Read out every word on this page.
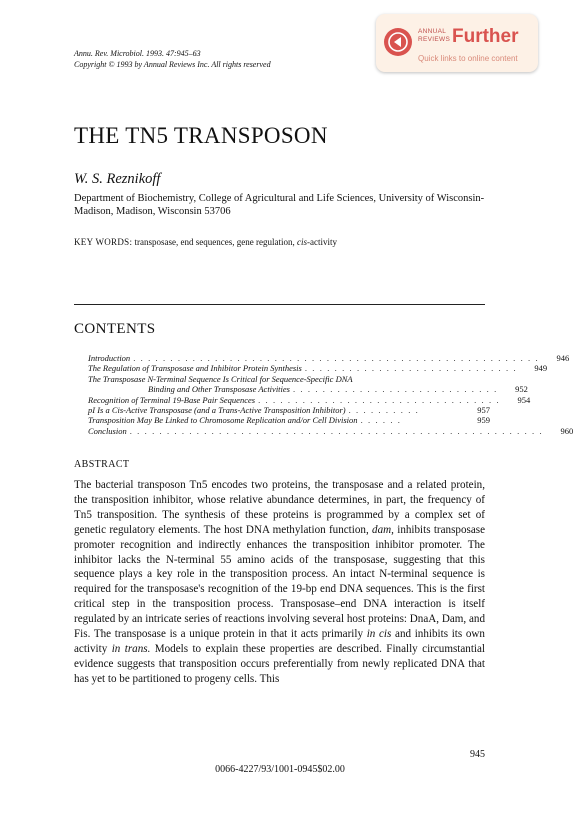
ANNUAL
REVIEWS Further
Quick links to online content
Annu. Rev. Microbiol. 1993. 47:945–63
Copyright © 1993 by Annual Reviews Inc. All rights reserved
THE TN5 TRANSPOSON
W. S. Reznikoff
Department of Biochemistry, College of Agricultural and Life Sciences, University of Wisconsin-Madison, Madison, Wisconsin 53706
KEY WORDS: transposase, end sequences, gene regulation, cis-activity
CONTENTS
Introduction . . . . . . . . . . . . . . . . . . . . . . . . . . . . . . . . . . . . . . . . . . . . . . . . . . . . . . .	946
The Regulation of Transposase and Inhibitor Protein Synthesis . . . . . . . . . . . . . . . . . . . . . . . . . . . . .	949
The Transposase N-Terminal Sequence Is Critical for Sequence-Specific DNA
Binding and Other Transposase Activities . . . . . . . . . . . . . . . . . . . . . . . . . . . .	952
Recognition of Terminal 19-Base Pair Sequences . . . . . . . . . . . . . . . . . . . . . . . . . . . . . . . . .	954
pI Is a Cis-Active Transposase (and a Trans-Active Transposition Inhibitor) . . . . . . . . . .	957
Transposition May Be Linked to Chromosome Replication and/or Cell Division . . . . . .	959
Conclusion . . . . . . . . . . . . . . . . . . . . . . . . . . . . . . . . . . . . . . . . . . . . . . . . . . . . . . . .	960
ABSTRACT
The bacterial transposon Tn5 encodes two proteins, the transposase and a related protein, the transposition inhibitor, whose relative abundance determines, in part, the frequency of Tn5 transposition. The synthesis of these proteins is programmed by a complex set of genetic regulatory elements. The host DNA methylation function, dam, inhibits transposase promoter recognition and indirectly enhances the transposition inhibitor promoter. The inhibitor lacks the N-terminal 55 amino acids of the transposase, suggesting that this sequence plays a key role in the transposition process. An intact N-terminal sequence is required for the transposase's recognition of the 19-bp end DNA sequences. This is the first critical step in the transposition process. Transposase–end DNA interaction is itself regulated by an intricate series of reactions involving several host proteins: DnaA, Dam, and Fis. The transposase is a unique protein in that it acts primarily in cis and inhibits its own activity in trans. Models to explain these properties are described. Finally circumstantial evidence suggests that transposition occurs preferentially from newly replicated DNA that has yet to be partitioned to progeny cells. This
945
0066-4227/93/1001-0945$02.00
